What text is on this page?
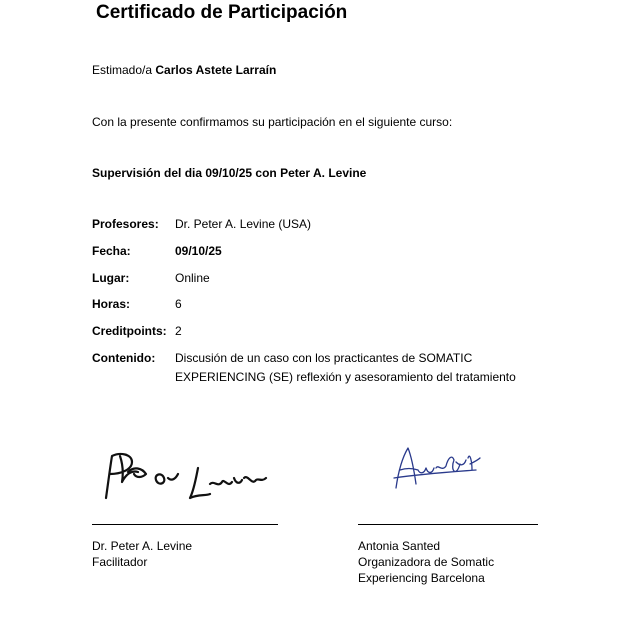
Certificado de Participación
Estimado/a Carlos Astete Larraín
Con la presente confirmamos su participación en el siguiente curso:
Supervisión del dia 09/10/25 con Peter A. Levine
Profesores: Dr. Peter A. Levine (USA)
Fecha:	09/10/25
Lugar:	Online
Horas:	6
Creditpoints: 2
Contenido: Discusión de un caso con los practicantes de SOMATIC EXPERIENCING (SE) reflexión y asesoramiento del tratamiento
Dr. Peter A. Levine
Facilitador
Antonia Santed
Organizadora de Somatic
Experiencing Barcelona
